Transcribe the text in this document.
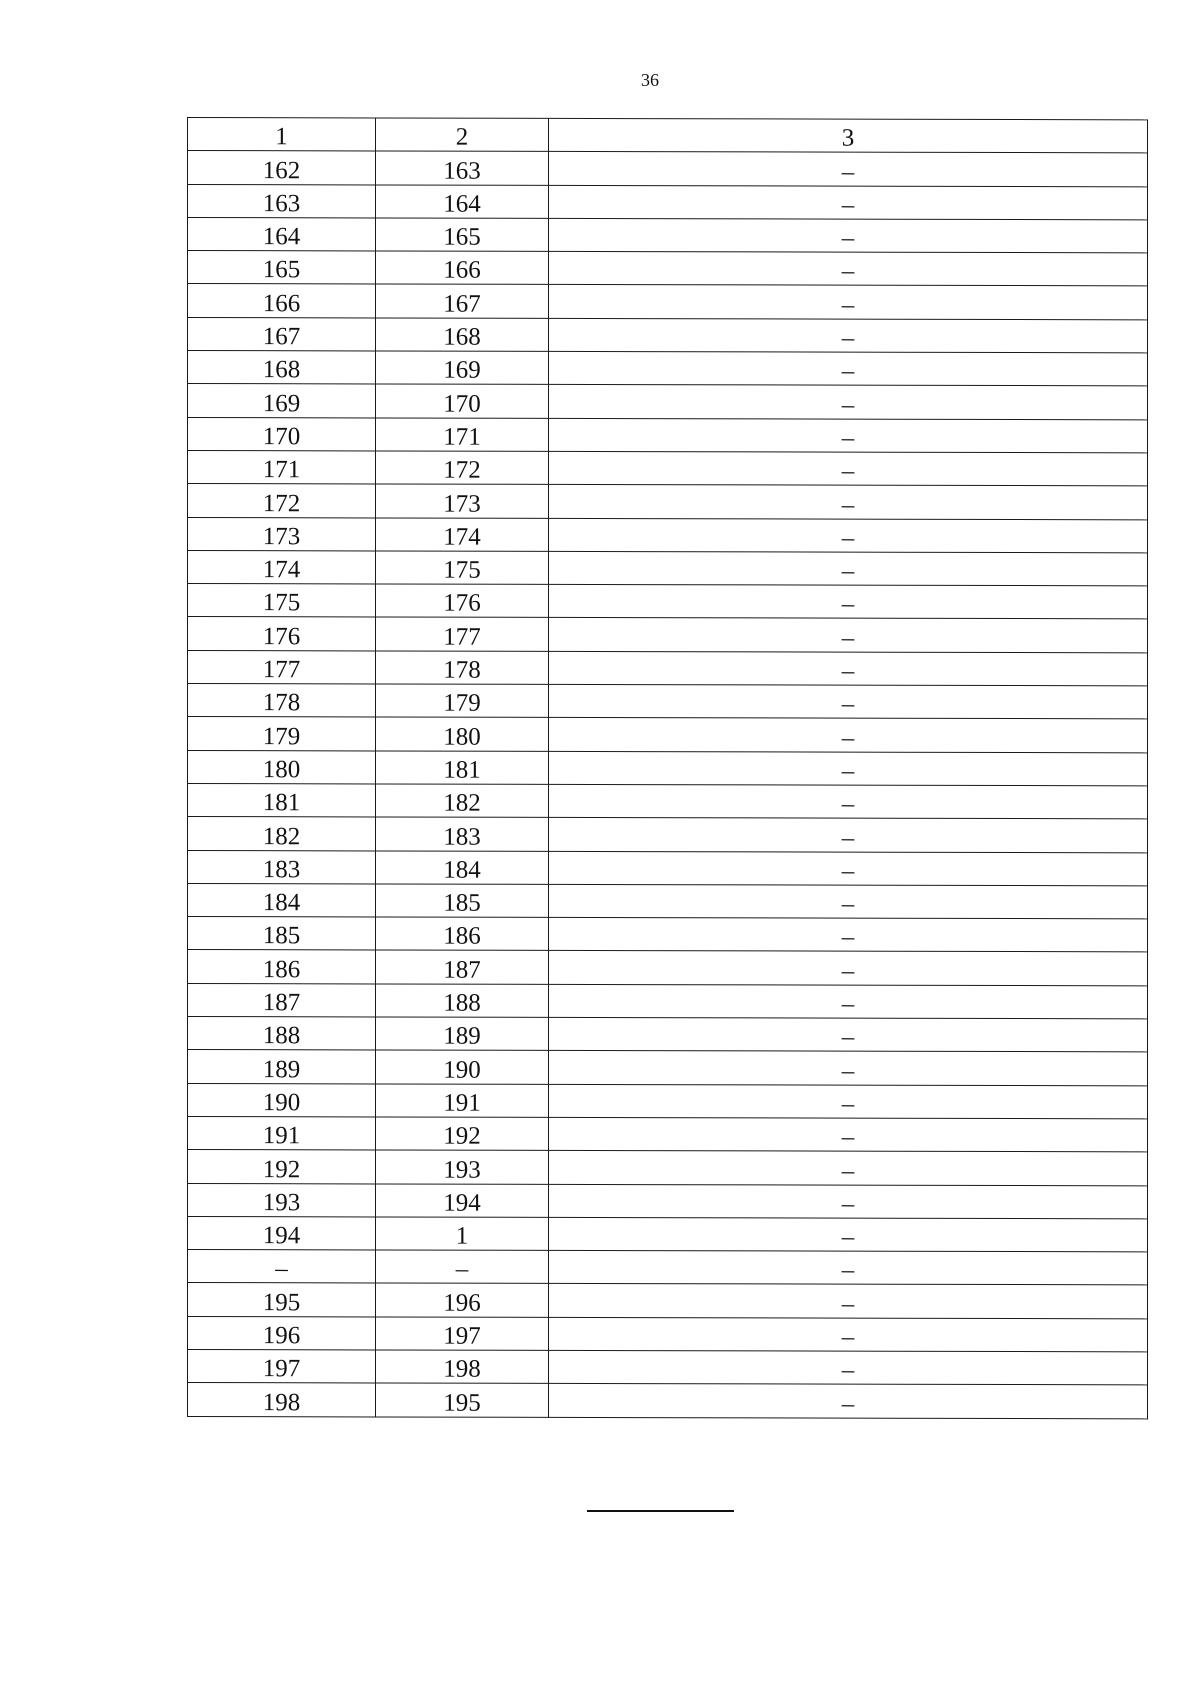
36
1	2	3
162	163	–
163	164	–
164	165	–
165	166	–
166	167	–
167	168	–
168	169	–
169	170	–
170	171	–
171	172	–
172	173	–
173	174	–
174	175	–
175	176	–
176	177	–
177	178	–
178	179	–
179	180	–
180	181	–
181	182	–
182	183	–
183	184	–
184	185	–
185	186	–
186	187	–
187	188	–
188	189	–
189	190	–
190	191	–
191	192	–
192	193	–
193	194	–
194	1	–
–	–	–
195	196	–
196	197	–
197	198	–
198	195	–
